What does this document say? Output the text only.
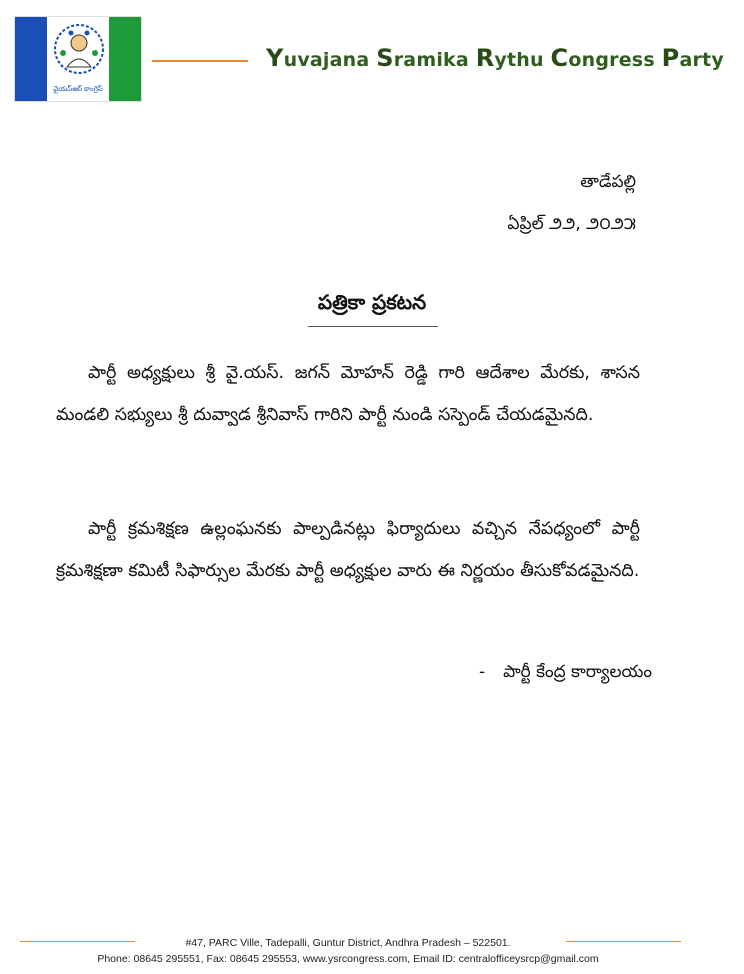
వైయస్ఆర్ కాంగ్రెస్
Yuvajana Sramika Rythu Congress Party
తాడేపల్లి
ఏప్రిల్ ౨౨, ౨౦౨౫
పత్రికా ప్రకటన

పార్టీ అధ్యక్షులు శ్రీ వై.యస్. జగన్ మోహన్ రెడ్డి గారి ఆదేశాల మేరకు, శాసన మండలి సభ్యులు శ్రీ దువ్వాడ శ్రీనివాస్ గారిని పార్టీ నుండి సస్పెండ్ చేయడమైనది.

పార్టీ క్రమశిక్షణ ఉల్లంఘనకు పాల్పడినట్లు ఫిర్యాదులు వచ్చిన నేపధ్యంలో పార్టీ క్రమశిక్షణా కమిటీ సిఫార్సుల మేరకు పార్టీ అధ్యక్షుల వారు ఈ నిర్ణయం తీసుకోవడమైనది.

- పార్టీ కేంద్ర కార్యాలయం
#47, PARC Ville, Tadepalli, Guntur District, Andhra Pradesh – 522501.
Phone: 08645 295551, Fax: 08645 295553, www.ysrcongress.com, Email ID: centralofficeysrcp@gmail.com
